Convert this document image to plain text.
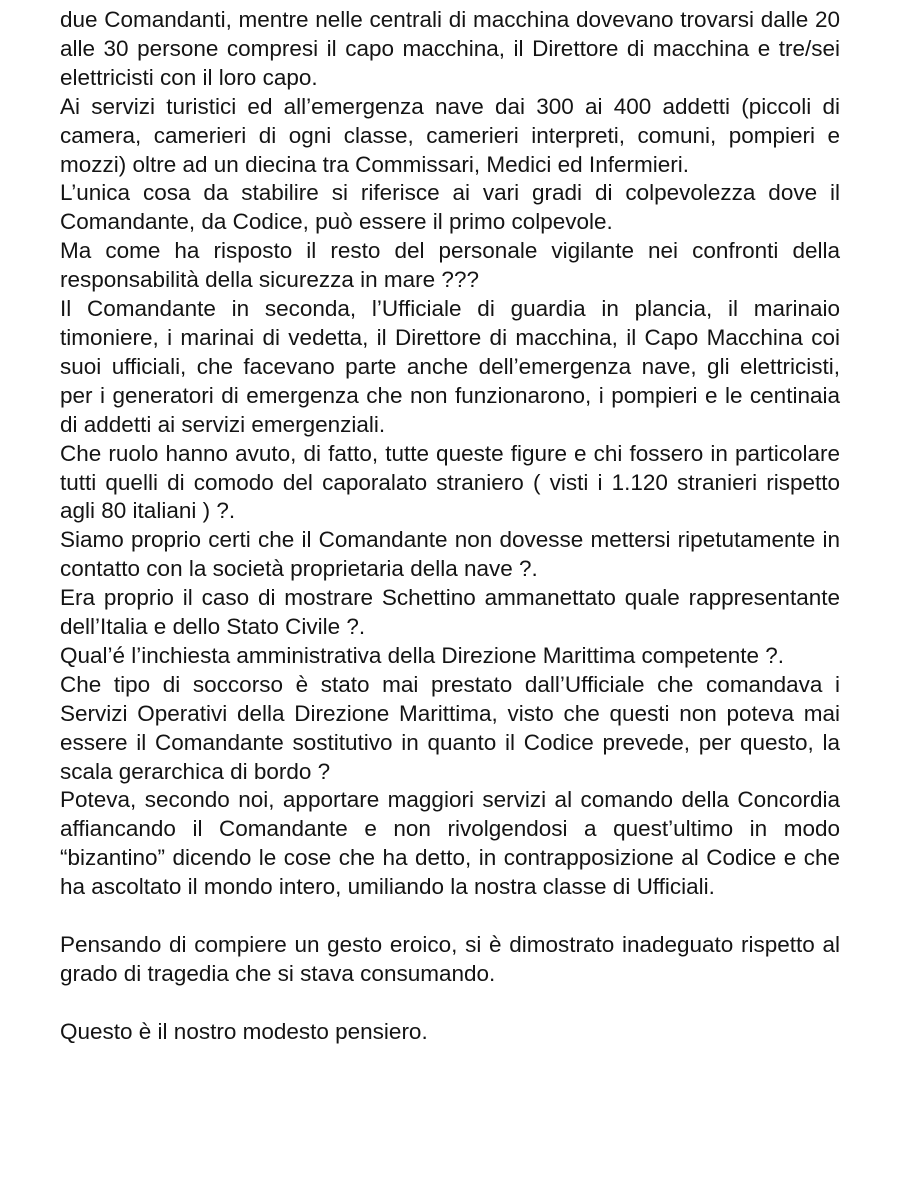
due Comandanti, mentre nelle centrali di macchina dovevano trovarsi dalle 20 alle 30 persone compresi il capo macchina, il Direttore di macchina e tre/sei elettricisti con il loro capo.

Ai servizi turistici ed all’emergenza nave dai 300 ai 400 addetti (piccoli di camera, camerieri di ogni classe, camerieri interpreti, comuni, pompieri e mozzi) oltre ad un diecina tra Commissari, Medici ed Infermieri.

L’unica cosa da stabilire si riferisce ai vari gradi di colpevolezza dove il Comandante, da Codice, può essere il primo colpevole.

Ma come ha risposto il resto del personale vigilante nei confronti della responsabilità della sicurezza in mare ???

Il Comandante in seconda, l’Ufficiale di guardia in plancia, il marinaio timoniere, i marinai di vedetta, il Direttore di macchina, il Capo Macchina coi suoi ufficiali, che facevano parte anche dell’emergenza nave, gli elettricisti, per i generatori di emergenza che non funzionarono, i pompieri e le centinaia di addetti ai servizi emergenziali.

Che ruolo hanno avuto, di fatto, tutte queste figure e chi fossero in particolare tutti quelli di comodo del caporalato straniero ( visti i 1.120 stranieri rispetto agli 80 italiani ) ?.

Siamo proprio certi che il Comandante non dovesse mettersi ripetutamente in contatto con la società proprietaria della nave ?.

Era proprio il caso di mostrare Schettino ammanettato quale rappresentante dell’Italia e dello Stato Civile ?.

Qual’é l’inchiesta amministrativa della Direzione Marittima competente ?.

Che tipo di soccorso è stato mai prestato dall’Ufficiale che comandava i Servizi Operativi della Direzione Marittima, visto che questi non poteva mai essere il Comandante sostitutivo in quanto il Codice prevede, per questo, la scala gerarchica di bordo ?

Poteva, secondo noi, apportare maggiori servizi al comando della Concordia affiancando il Comandante e non rivolgendosi a quest’ultimo in modo “bizantino” dicendo le cose che ha detto, in contrapposizione al Codice e che ha ascoltato il mondo intero, umiliando la nostra classe di Ufficiali.

Pensando di compiere un gesto eroico, si è dimostrato inadeguato rispetto al grado di tragedia che si stava consumando.

Questo è il nostro modesto pensiero.
